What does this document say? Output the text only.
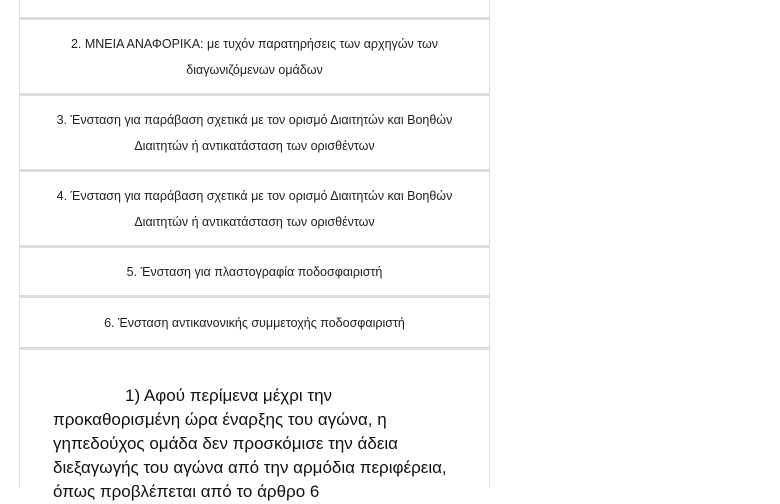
2. ΜΝΕΙΑ ΑΝΑΦΟΡΙΚΑ: με τυχόν παρατηρήσεις των αρχηγών των διαγωνιζόμενων ομάδων
3. Ένσταση για παράβαση σχετικά με τον ορισμό Διαιτητών και Βοηθών Διαιτητών ή αντικατάσταση των ορισθέντων
4. Ένσταση για παράβαση σχετικά με τον ορισμό Διαιτητών και Βοηθών Διαιτητών ή αντικατάσταση των ορισθέντων
5. Ένσταση για πλαστογραφία ποδοσφαιριστή
6. Ένσταση αντικανονικής συμμετοχής ποδοσφαιριστή
1) Αφού περίμενα μέχρι την προκαθορισμένη ώρα έναρξης του αγώνα, η γηπεδούχος ομάδα δεν προσκόμισε την άδεια διεξαγωγής του αγώνα από την αρμόδια περιφέρεια, όπως προβλέπεται από το άρθρο 6
